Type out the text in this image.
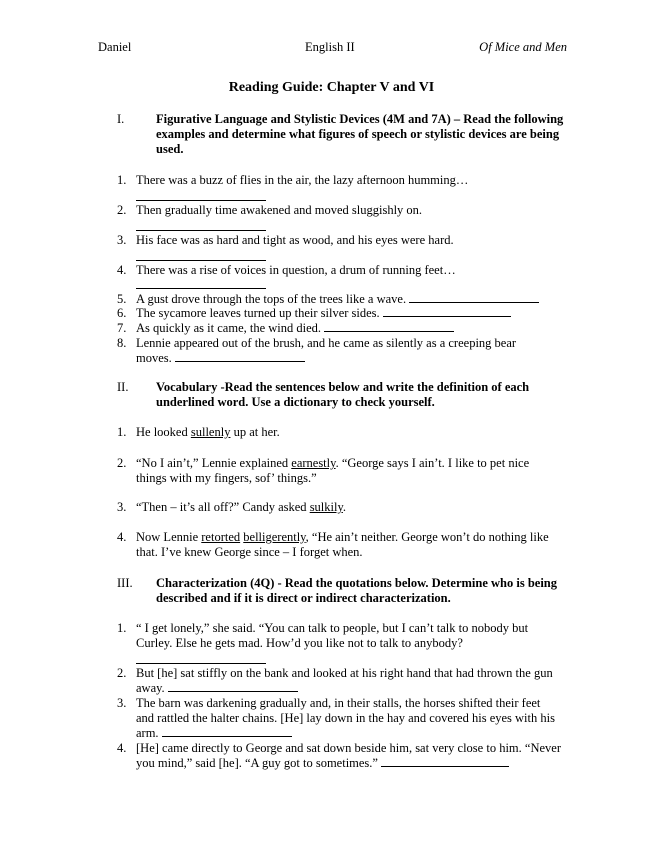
Daniel	English II	Of Mice and Men
Reading Guide: Chapter V and VI
I.	Figurative Language and Stylistic Devices (4M and 7A) – Read the following examples and determine what figures of speech or stylistic devices are being used.
1. There was a buzz of flies in the air, the lazy afternoon humming…
2. Then gradually time awakened and moved sluggishly on.
3. His face was as hard and tight as wood, and his eyes were hard.
4. There was a rise of voices in question, a drum of running feet…
5. A gust drove through the tops of the trees like a wave.
6. The sycamore leaves turned up their silver sides.
7. As quickly as it came, the wind died.
8. Lennie appeared out of the brush, and he came as silently as a creeping bear moves.
II. Vocabulary -Read the sentences below and write the definition of each underlined word. Use a dictionary to check yourself.
1. He looked sullenly up at her.
2. “No I ain’t,” Lennie explained earnestly. “George says I ain’t. I like to pet nice things with my fingers, sof’ things.”
3. “Then – it’s all off?” Candy asked sulkily.
4. Now Lennie retorted belligerently, “He ain’t neither. George won’t do nothing like that. I’ve knew George since – I forget when.
III. Characterization (4Q) - Read the quotations below. Determine who is being described and if it is direct or indirect characterization.
1. “ I get lonely,” she said. “You can talk to people, but I can’t talk to nobody but Curley. Else he gets mad. How’d you like not to talk to anybody?
2. But [he] sat stiffly on the bank and looked at his right hand that had thrown the gun away.
3. The barn was darkening gradually and, in their stalls, the horses shifted their feet and rattled the halter chains. [He] lay down in the hay and covered his eyes with his arm.
4. [He] came directly to George and sat down beside him, sat very close to him. “Never you mind,” said [he]. “A guy got to sometimes.”
